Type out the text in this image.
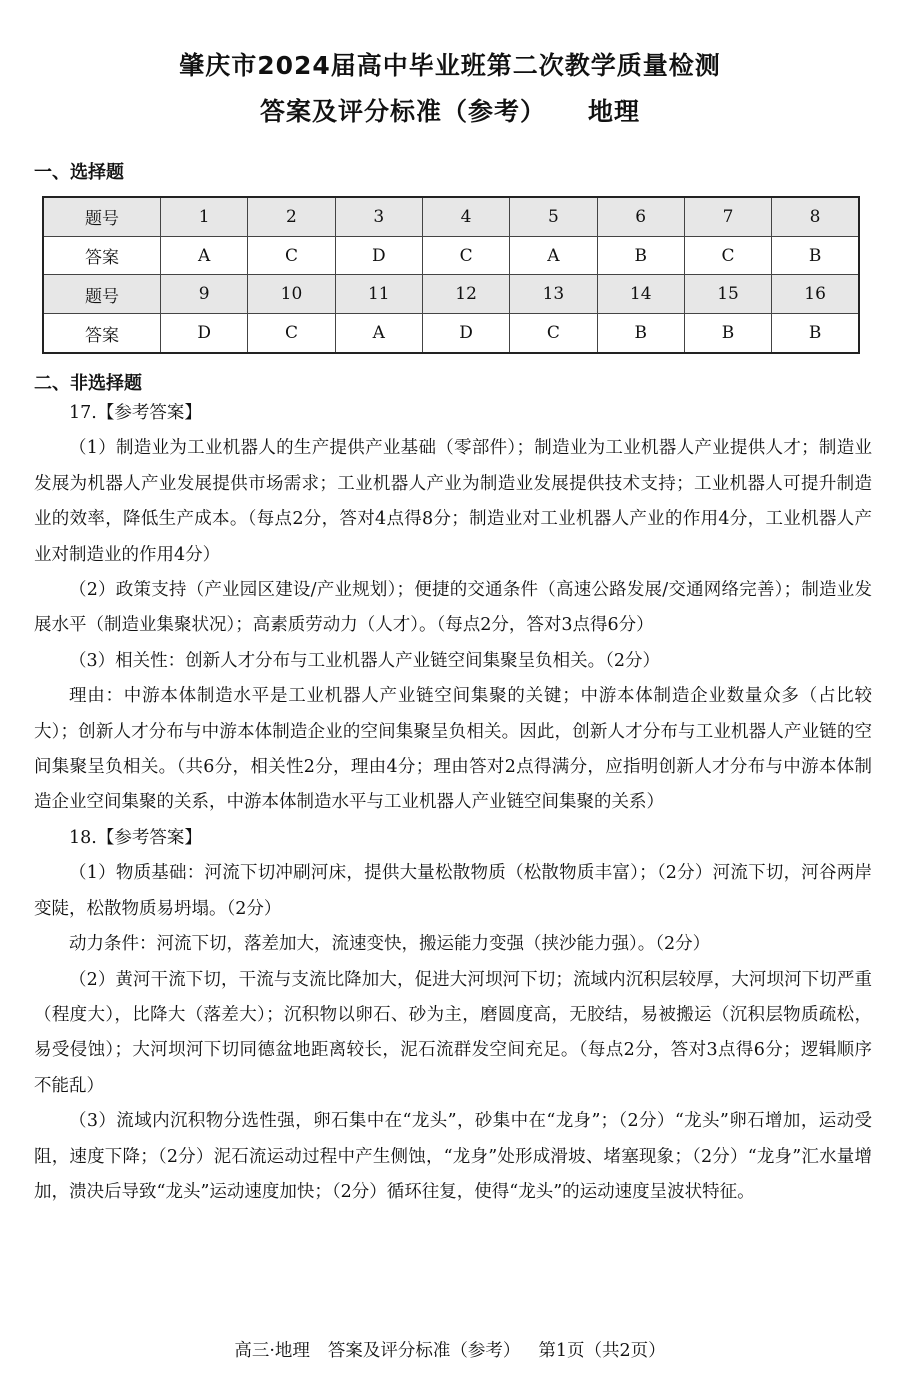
肇庆市2024届高中毕业班第二次教学质量检测
答案及评分标准（参考） 地理
一、选择题
题号	1	2	3	4	5	6	7	8
答案	A	C	D	C	A	B	C	B
题号	9	10	11	12	13	14	15	16
答案	D	C	A	D	C	B	B	B
二、非选择题

17.【参考答案】

（1）制造业为工业机器人的生产提供产业基础（零部件）；制造业为工业机器人产业提供人才；制造业发展为机器人产业发展提供市场需求；工业机器人产业为制造业发展提供技术支持；工业机器人可提升制造业的效率，降低生产成本。（每点2分，答对4点得8分；制造业对工业机器人产业的作用4分，工业机器人产业对制造业的作用4分）

（2）政策支持（产业园区建设/产业规划）；便捷的交通条件（高速公路发展/交通网络完善）；制造业发展水平（制造业集聚状况）；高素质劳动力（人才）。（每点2分，答对3点得6分）

（3）相关性：创新人才分布与工业机器人产业链空间集聚呈负相关。（2分）

理由：中游本体制造水平是工业机器人产业链空间集聚的关键；中游本体制造企业数量众多（占比较大）；创新人才分布与中游本体制造企业的空间集聚呈负相关。因此，创新人才分布与工业机器人产业链的空间集聚呈负相关。（共6分，相关性2分，理由4分；理由答对2点得满分，应指明创新人才分布与中游本体制造企业空间集聚的关系，中游本体制造水平与工业机器人产业链空间集聚的关系）

18.【参考答案】

（1）物质基础：河流下切冲刷河床，提供大量松散物质（松散物质丰富）；（2分）河流下切，河谷两岸变陡，松散物质易坍塌。（2分）

动力条件：河流下切，落差加大，流速变快，搬运能力变强（挟沙能力强）。（2分）

（2）黄河干流下切，干流与支流比降加大，促进大河坝河下切；流域内沉积层较厚，大河坝河下切严重（程度大），比降大（落差大）；沉积物以卵石、砂为主，磨圆度高，无胶结，易被搬运（沉积层物质疏松，易受侵蚀）；大河坝河下切同德盆地距离较长，泥石流群发空间充足。（每点2分，答对3点得6分；逻辑顺序不能乱）

（3）流域内沉积物分选性强，卵石集中在“龙头”，砂集中在“龙身”；（2分）“龙头”卵石增加，运动受阻，速度下降；（2分）泥石流运动过程中产生侧蚀，“龙身”处形成滑坡、堵塞现象；（2分）“龙身”汇水量增加，溃决后导致“龙头”运动速度加快；（2分）循环往复，使得“龙头”的运动速度呈波状特征。

高三·地理 答案及评分标准（参考） 第1页（共2页）
